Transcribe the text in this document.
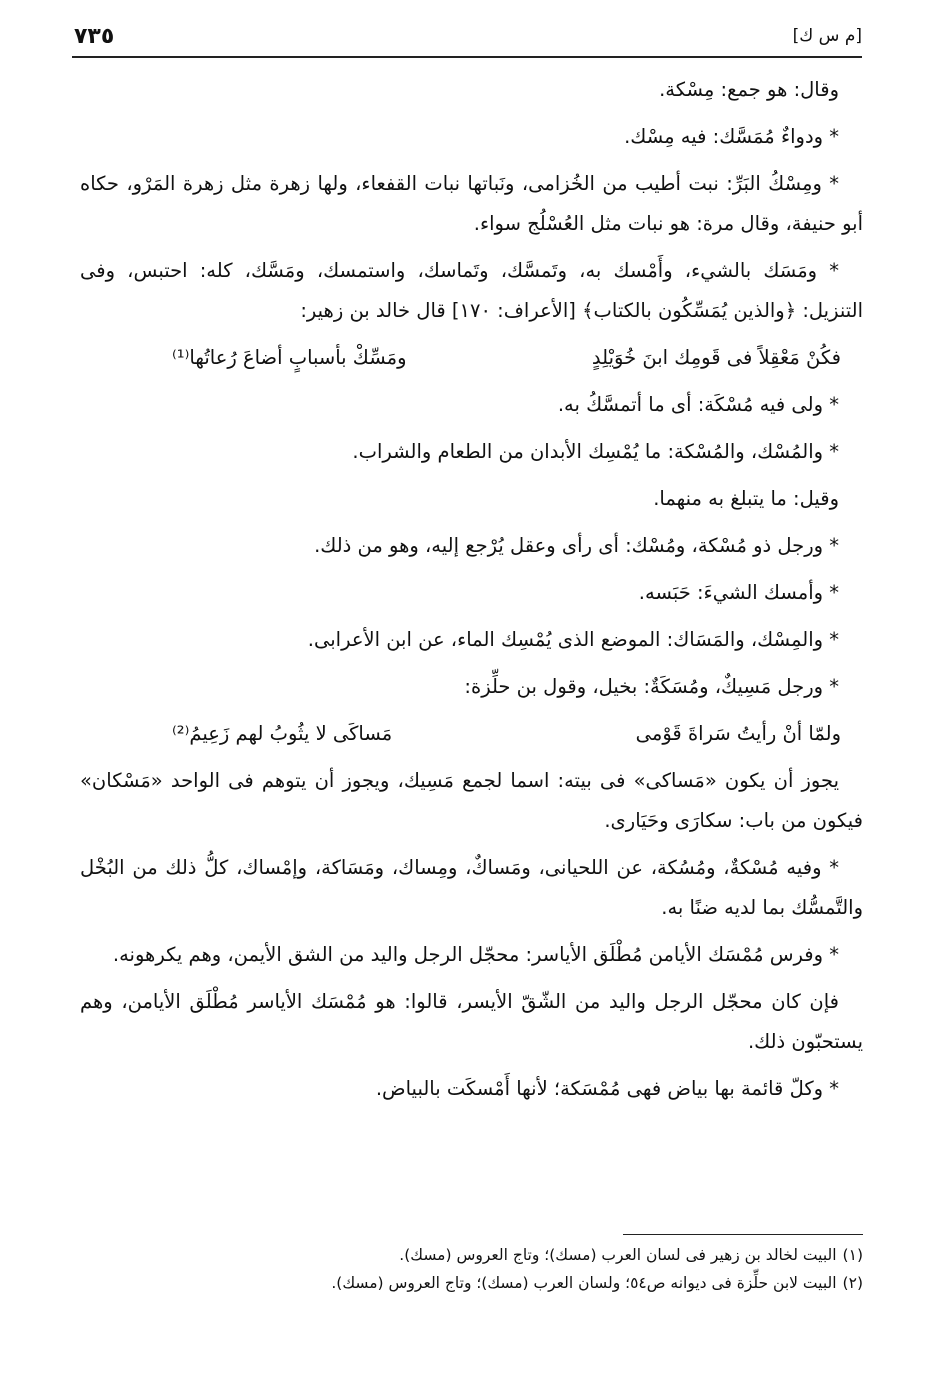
٧٣٥	[م س ك]

وقال: هو جمع: مِسْكة.

* ودواءٌ مُمَسَّك: فيه مِسْك.

* ومِسْكُ البَرِّ: نبت أطيب من الخُزامى، ونَباتها نبات القفعاء، ولها زهرة مثل زهرة المَرْو، حكاه أبو حنيفة، وقال مرة: هو نبات مثل العُسْلُج سواء.

* ومَسَك بالشيء، وأَمْسك به، وتَمسَّك، وتَماسك، واستمسك، ومَسَّك، كله: احتبس، وفى التنزيل: ﴿والذين يُمَسِّكُون بالكتاب﴾ [الأعراف: ١٧٠] قال خالد بن زهير:

فكُنْ مَعْقِلاً فى قَومِك ابنَ خُوَيْلِدٍ
ومَسِّكْ بأسبابٍ أضاعَ رُعاتُها⁽¹⁾

* ولى فيه مُسْكَة: أى ما أتمسَّكُ به.

* والمُسْك، والمُسْكة: ما يُمْسِك الأبدان من الطعام والشراب.

وقيل: ما يتبلغ به منهما.

* ورجل ذو مُسْكة، ومُسْك: أى رأى وعقل يُرْجع إليه، وهو من ذلك.

* وأمسك الشيءَ: حَبَسه.

* والمِسْك، والمَسَاك: الموضع الذى يُمْسِك الماء، عن ابن الأعرابى.

* ورجل مَسِيكٌ، ومُسَكَةٌ: بخيل، وقول بن حلِّزة:

ولمّا أنْ رأيتُ سَراةَ قَوْمى
مَساكَى لا يثُوبُ لهم زَعِيمُ⁽²⁾

يجوز أن يكون «مَساكى» فى بيته: اسما لجمع مَسِيك، ويجوز أن يتوهم فى الواحد «مَسْكان» فيكون من باب: سكارَى وحَيَارى.

* وفيه مُسْكةٌ، ومُسُكة، عن اللحيانى، ومَساكٌ، ومِساك، ومَسَاكة، وإمْساك، كلُّ ذلك من البُخْل والتَّمسُّك بما لديه ضنًا به.

* وفرس مُمْسَك الأيامن مُطْلَق الأياسر: محجّل الرجل واليد من الشق الأيمن، وهم يكرهونه.

فإن كان محجّل الرجل واليد من الشّقّ الأيسر، قالوا: هو مُمْسَك الأياسر مُطْلَق الأيامن، وهم يستحبّون ذلك.

* وكلّ قائمة بها بياض فهى مُمْسَكة؛ لأنها أَمْسكَت بالبياض.

(١)البيت لخالد بن زهير فى لسان العرب (مسك)؛ وتاج العروس (مسك).

(٢)البيت لابن حلِّزة فى ديوانه ص٥٤؛ ولسان العرب (مسك)؛ وتاج العروس (مسك).
